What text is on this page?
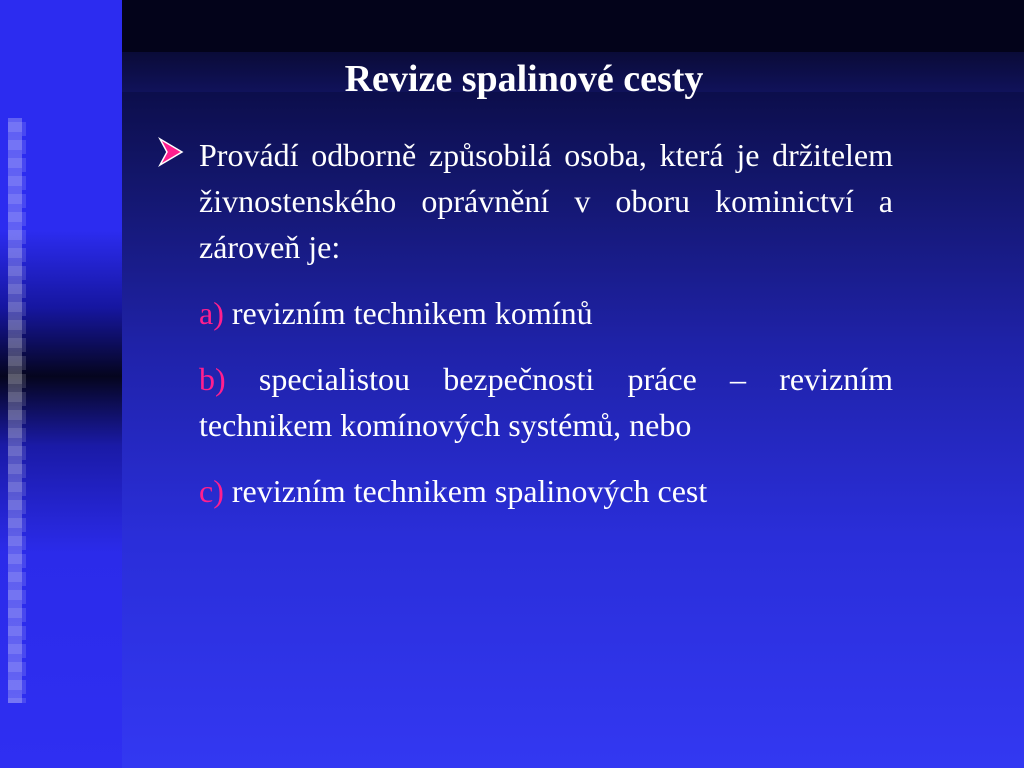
Revize spalinové cesty

Provádí odborně způsobilá osoba, která je držitelem živnostenského oprávnění v oboru kominictví a zároveň je:

a) revizním technikem komínů

b) specialistou bezpečnosti práce – revizním technikem komínových systémů, nebo

c) revizním technikem spalinových cest
